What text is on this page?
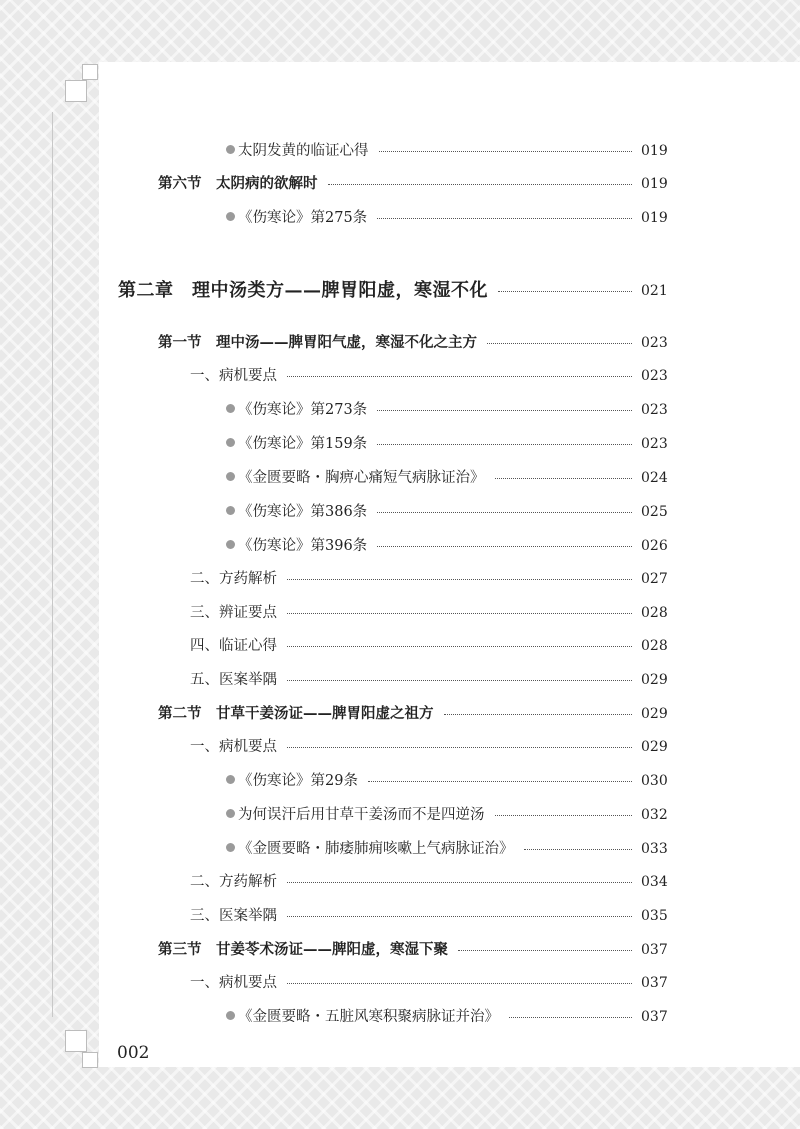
太阴发黄的临证心得	019
第六节　太阴病的欲解时	019
《伤寒论》第275条	019
第二章　理中汤类方——脾胃阳虚，寒湿不化	021
第一节　理中汤——脾胃阳气虚，寒湿不化之主方	023
一、病机要点	023
《伤寒论》第273条	023
《伤寒论》第159条	023
《金匮要略・胸痹心痛短气病脉证治》	024
《伤寒论》第386条	025
《伤寒论》第396条	026
二、方药解析	027
三、辨证要点	028
四、临证心得	028
五、医案举隅	029
第二节　甘草干姜汤证——脾胃阳虚之祖方	029
一、病机要点	029
《伤寒论》第29条	030
为何误汗后用甘草干姜汤而不是四逆汤	032
《金匮要略・肺痿肺痈咳嗽上气病脉证治》	033
二、方药解析	034
三、医案举隅	035
第三节　甘姜苓术汤证——脾阳虚，寒湿下聚	037
一、病机要点	037
《金匮要略・五脏风寒积聚病脉证并治》	037
002
